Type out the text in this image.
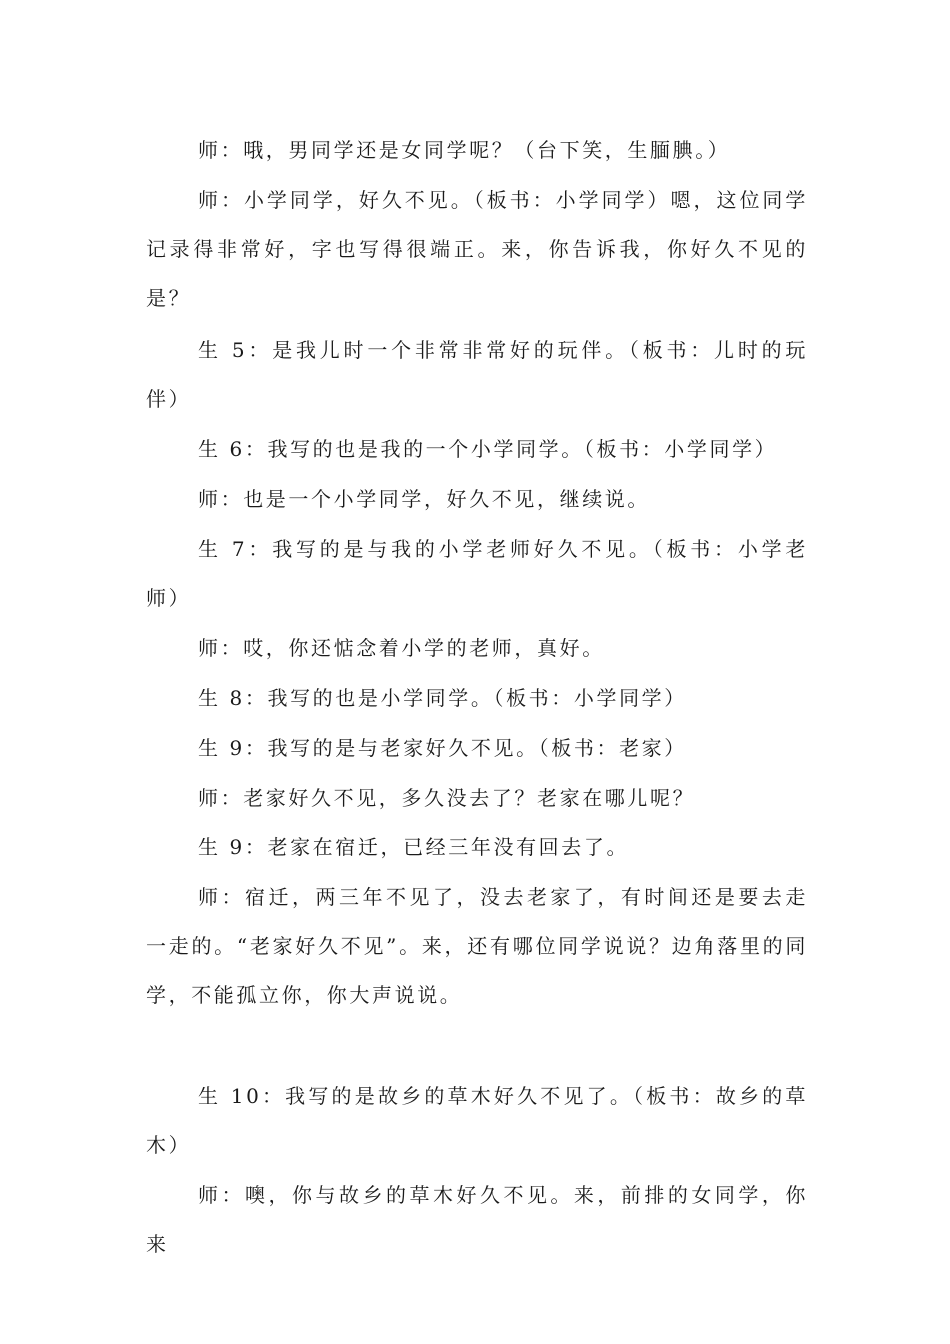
师：哦，男同学还是女同学呢？（台下笑，生腼腆。）

师：小学同学，好久不见。（板书：小学同学）嗯，这位同学记录得非常好，字也写得很端正。来，你告诉我，你好久不见的是？

生 5：是我儿时一个非常非常好的玩伴。（板书：儿时的玩伴）

生 6：我写的也是我的一个小学同学。（板书：小学同学）

师：也是一个小学同学，好久不见，继续说。

生 7：我写的是与我的小学老师好久不见。（板书：小学老师）

师：哎，你还惦念着小学的老师，真好。

生 8：我写的也是小学同学。（板书：小学同学）

生 9：我写的是与老家好久不见。（板书：老家）

师：老家好久不见，多久没去了？老家在哪儿呢？

生 9：老家在宿迁，已经三年没有回去了。

师：宿迁，两三年不见了，没去老家了，有时间还是要去走一走的。“老家好久不见”。来，还有哪位同学说说？边角落里的同学，不能孤立你，你大声说说。

生 10：我写的是故乡的草木好久不见了。（板书：故乡的草木）

师：噢，你与故乡的草木好久不见。来，前排的女同学，你来
